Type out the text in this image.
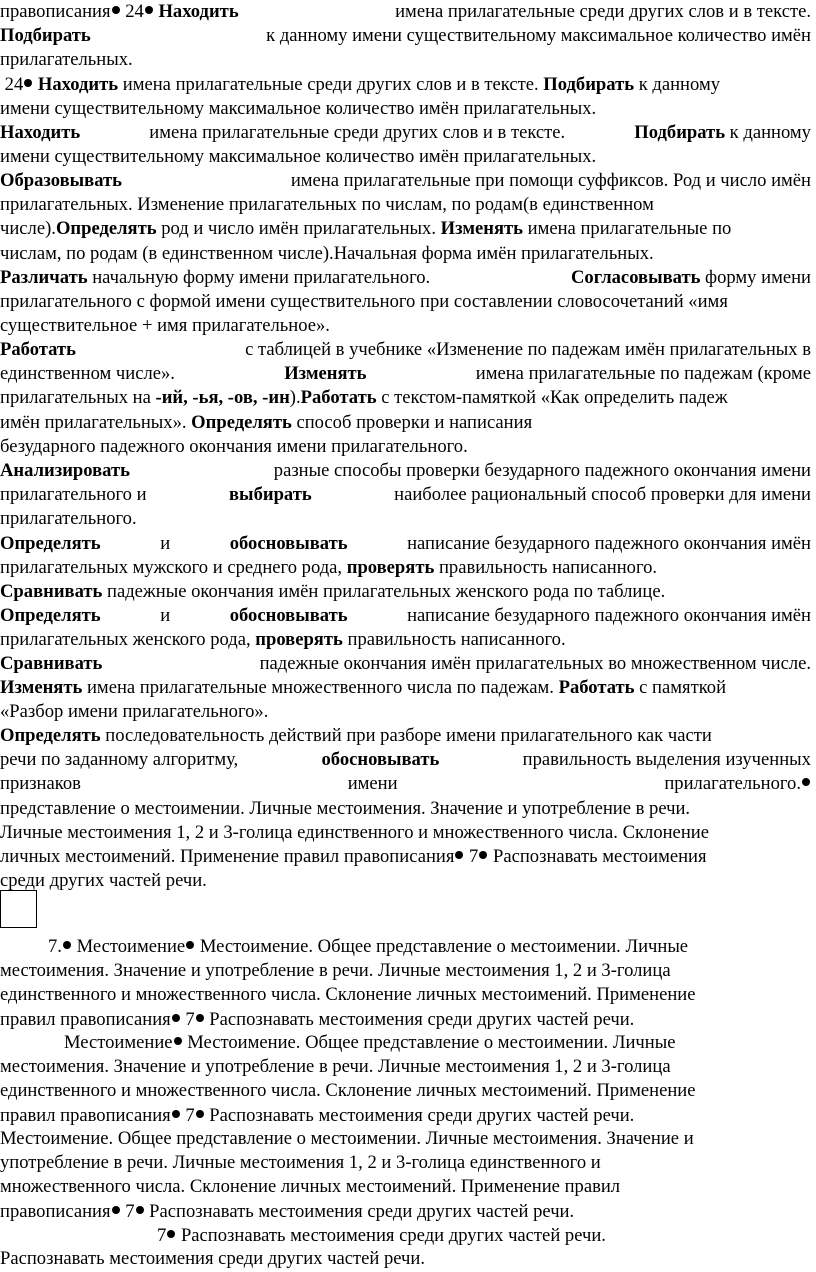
правописания 24 Находить	имена прилагательные среди других слов и в тексте.
Подбирать	к данному имени существительному максимальное количество имён
прилагательных.
24 Находить имена прилагательные среди других слов и в тексте. Подбирать к данному
имени существительному максимальное количество имён прилагательных.
Находить	имена прилагательные среди других слов и в тексте.	Подбирать к данному
имени существительному максимальное количество имён прилагательных.
Образовывать	имена прилагательные при помощи суффиксов. Род и число имён
прилагательных. Изменение прилагательных по числам, по родам(в единственном
числе).Определять род и число имён прилагательных. Изменять имена прилагательные по
числам, по родам (в единственном числе).Начальная форма имён прилагательных.
Различать начальную форму имени прилагательного.	Согласовывать форму имени
прилагательного с формой имени существительного при составлении словосочетаний «имя
существительное + имя прилагательное».
Работать	с таблицей в учебнике «Изменение по падежам имён прилагательных в
единственном числе».	Изменять	имена прилагательные по падежам (кроме
прилагательных на -ий, -ья, -ов, -ин).Работать с текстом-памяткой «Как определить падеж
имён прилагательных». Определять способ проверки и написания
безударного падежного окончания имени прилагательного.
Анализировать	разные способы проверки безударного падежного окончания имени
прилагательного и	выбирать	наиболее рациональный способ проверки для имени
прилагательного.
Определять	и	обосновывать	написание безударного падежного окончания имён
прилагательных мужского и среднего рода, проверять правильность написанного.
Сравнивать падежные окончания имён прилагательных женского рода по таблице.
Определять	и	обосновывать	написание безударного падежного окончания имён
прилагательных женского рода, проверять правильность написанного.
Сравнивать	падежные окончания имён прилагательных во множественном числе.
Изменять имена прилагательные множественного числа по падежам. Работать с памяткой
«Разбор имени прилагательного».
Определять последовательность действий при разборе имени прилагательного как части
речи по заданному алгоритму,	обосновывать	правильность выделения изученных
признаков	имени	прилагательного.
представление о местоимении. Личные местоимения. Значение и употребление в речи.
Личные местоимения 1, 2 и 3-голица единственного и множественного числа. Склонение
личных местоимений. Применение правил правописания 7 Распознавать местоимения
среди других частей речи.
7. Местоимение Местоимение. Общее представление о местоимении. Личные
местоимения. Значение и употребление в речи. Личные местоимения 1, 2 и 3-голица
единственного и множественного числа. Склонение личных местоимений. Применение
правил правописания 7 Распознавать местоимения среди других частей речи.
Местоимение Местоимение. Общее представление о местоимении. Личные
местоимения. Значение и употребление в речи. Личные местоимения 1, 2 и 3-голица
единственного и множественного числа. Склонение личных местоимений. Применение
правил правописания 7 Распознавать местоимения среди других частей речи.
Местоимение. Общее представление о местоимении. Личные местоимения. Значение и
употребление в речи. Личные местоимения 1, 2 и 3-голица единственного и
множественного числа. Склонение личных местоимений. Применение правил
правописания 7 Распознавать местоимения среди других частей речи.
7 Распознавать местоимения среди других частей речи.
Распознавать местоимения среди других частей речи.
